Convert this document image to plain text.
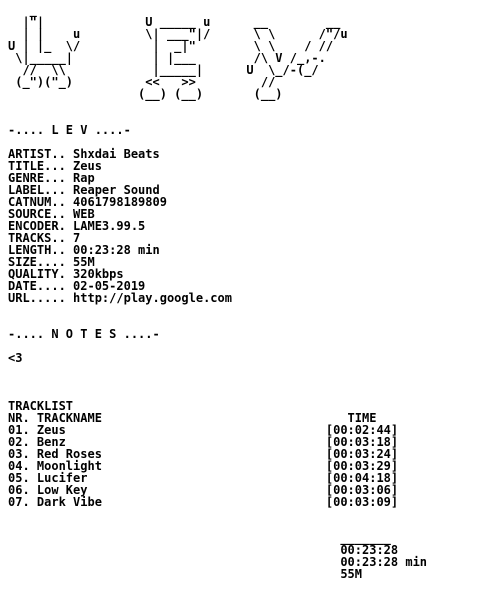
_
|"|              U _____ u      __        __
| |    u         \| ___"|/      \ \      /"/u
U | |_  \/          |  _|"        \ \    / //
\|_____|           | |___        /\ V /_,-.
//  \\            |_____|      U  \_/-(_/
(_")("_)          <<   >>         //
(__) (__)       (__)
-.... L E V ....-
ARTIST.. Shxdai Beats
TITLE... Zeus
GENRE... Rap
LABEL... Reaper Sound
CATNUM.. 4061798189809
SOURCE.. WEB
ENCODER. LAME3.99.5
TRACKS.. 7
LENGTH.. 00:23:28 min
SIZE.... 55M
QUALITY. 320kbps
DATE.... 02-05-2019
URL..... http://play.google.com
-.... N O T E S ....-
<3
TRACKLIST
NR. TRACKNAME                                  TIME
01. Zeus                                    [00:02:44]
02. Benz                                    [00:03:18]
03. Red Roses                               [00:03:24]
04. Moonlight                               [00:03:29]
05. Lucifer                                 [00:04:18]
06. Low Key                                 [00:03:06]
07. Dark Vibe                               [00:03:09]
_______
00:23:28
00:23:28 min
55M
